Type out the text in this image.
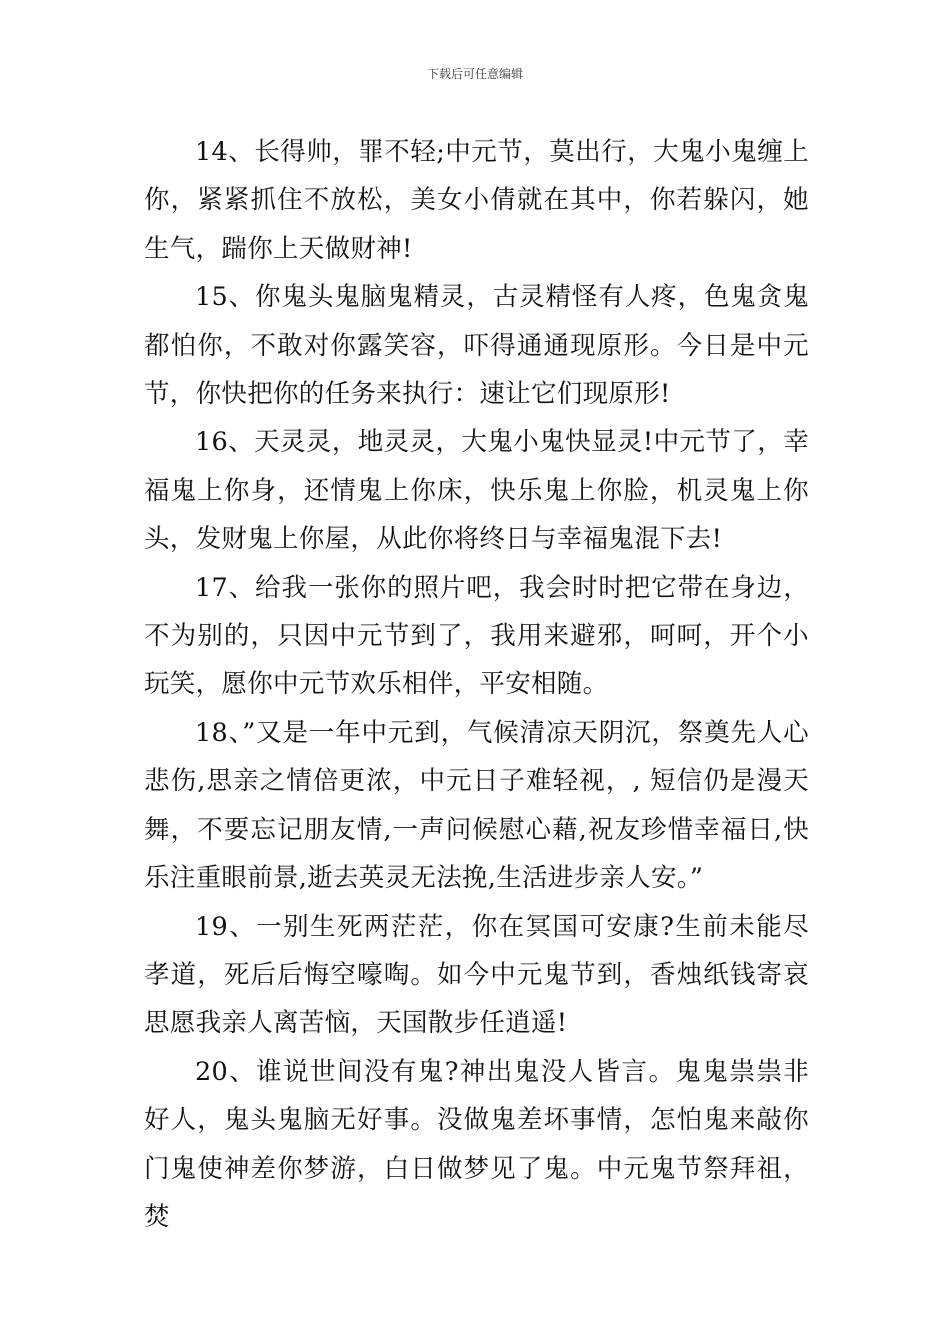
下载后可任意编辑

14、长得帅，罪不轻;中元节，莫出行，大鬼小鬼缠上你，紧紧抓住不放松，美女小倩就在其中，你若躲闪，她生气，踹你上天做财神!

15、你鬼头鬼脑鬼精灵，古灵精怪有人疼，色鬼贪鬼都怕你，不敢对你露笑容，吓得通通现原形。今日是中元节，你快把你的任务来执行：速让它们现原形!

16、天灵灵，地灵灵，大鬼小鬼快显灵!中元节了，幸福鬼上你身，还情鬼上你床，快乐鬼上你脸，机灵鬼上你头，发财鬼上你屋，从此你将终日与幸福鬼混下去!

17、给我一张你的照片吧，我会时时把它带在身边，不为别的，只因中元节到了，我用来避邪，呵呵，开个小玩笑，愿你中元节欢乐相伴，平安相随。

18、”又是一年中元到，气候清凉天阴沉，祭奠先人心悲伤,思亲之情倍更浓，中元日子难轻视，, 短信仍是漫天舞，不要忘记朋友情,一声问候慰心藉,祝友珍惜幸福日,快乐注重眼前景,逝去英灵无法挽,生活进步亲人安。”

19、一别生死两茫茫，你在冥国可安康?生前未能尽孝道，死后后悔空嚎啕。如今中元鬼节到，香烛纸钱寄哀思愿我亲人离苦恼，天国散步任逍遥!

20、谁说世间没有鬼?神出鬼没人皆言。鬼鬼祟祟非好人，鬼头鬼脑无好事。没做鬼差坏事情，怎怕鬼来敲你门鬼使神差你梦游，白日做梦见了鬼。中元鬼节祭拜祖，焚
